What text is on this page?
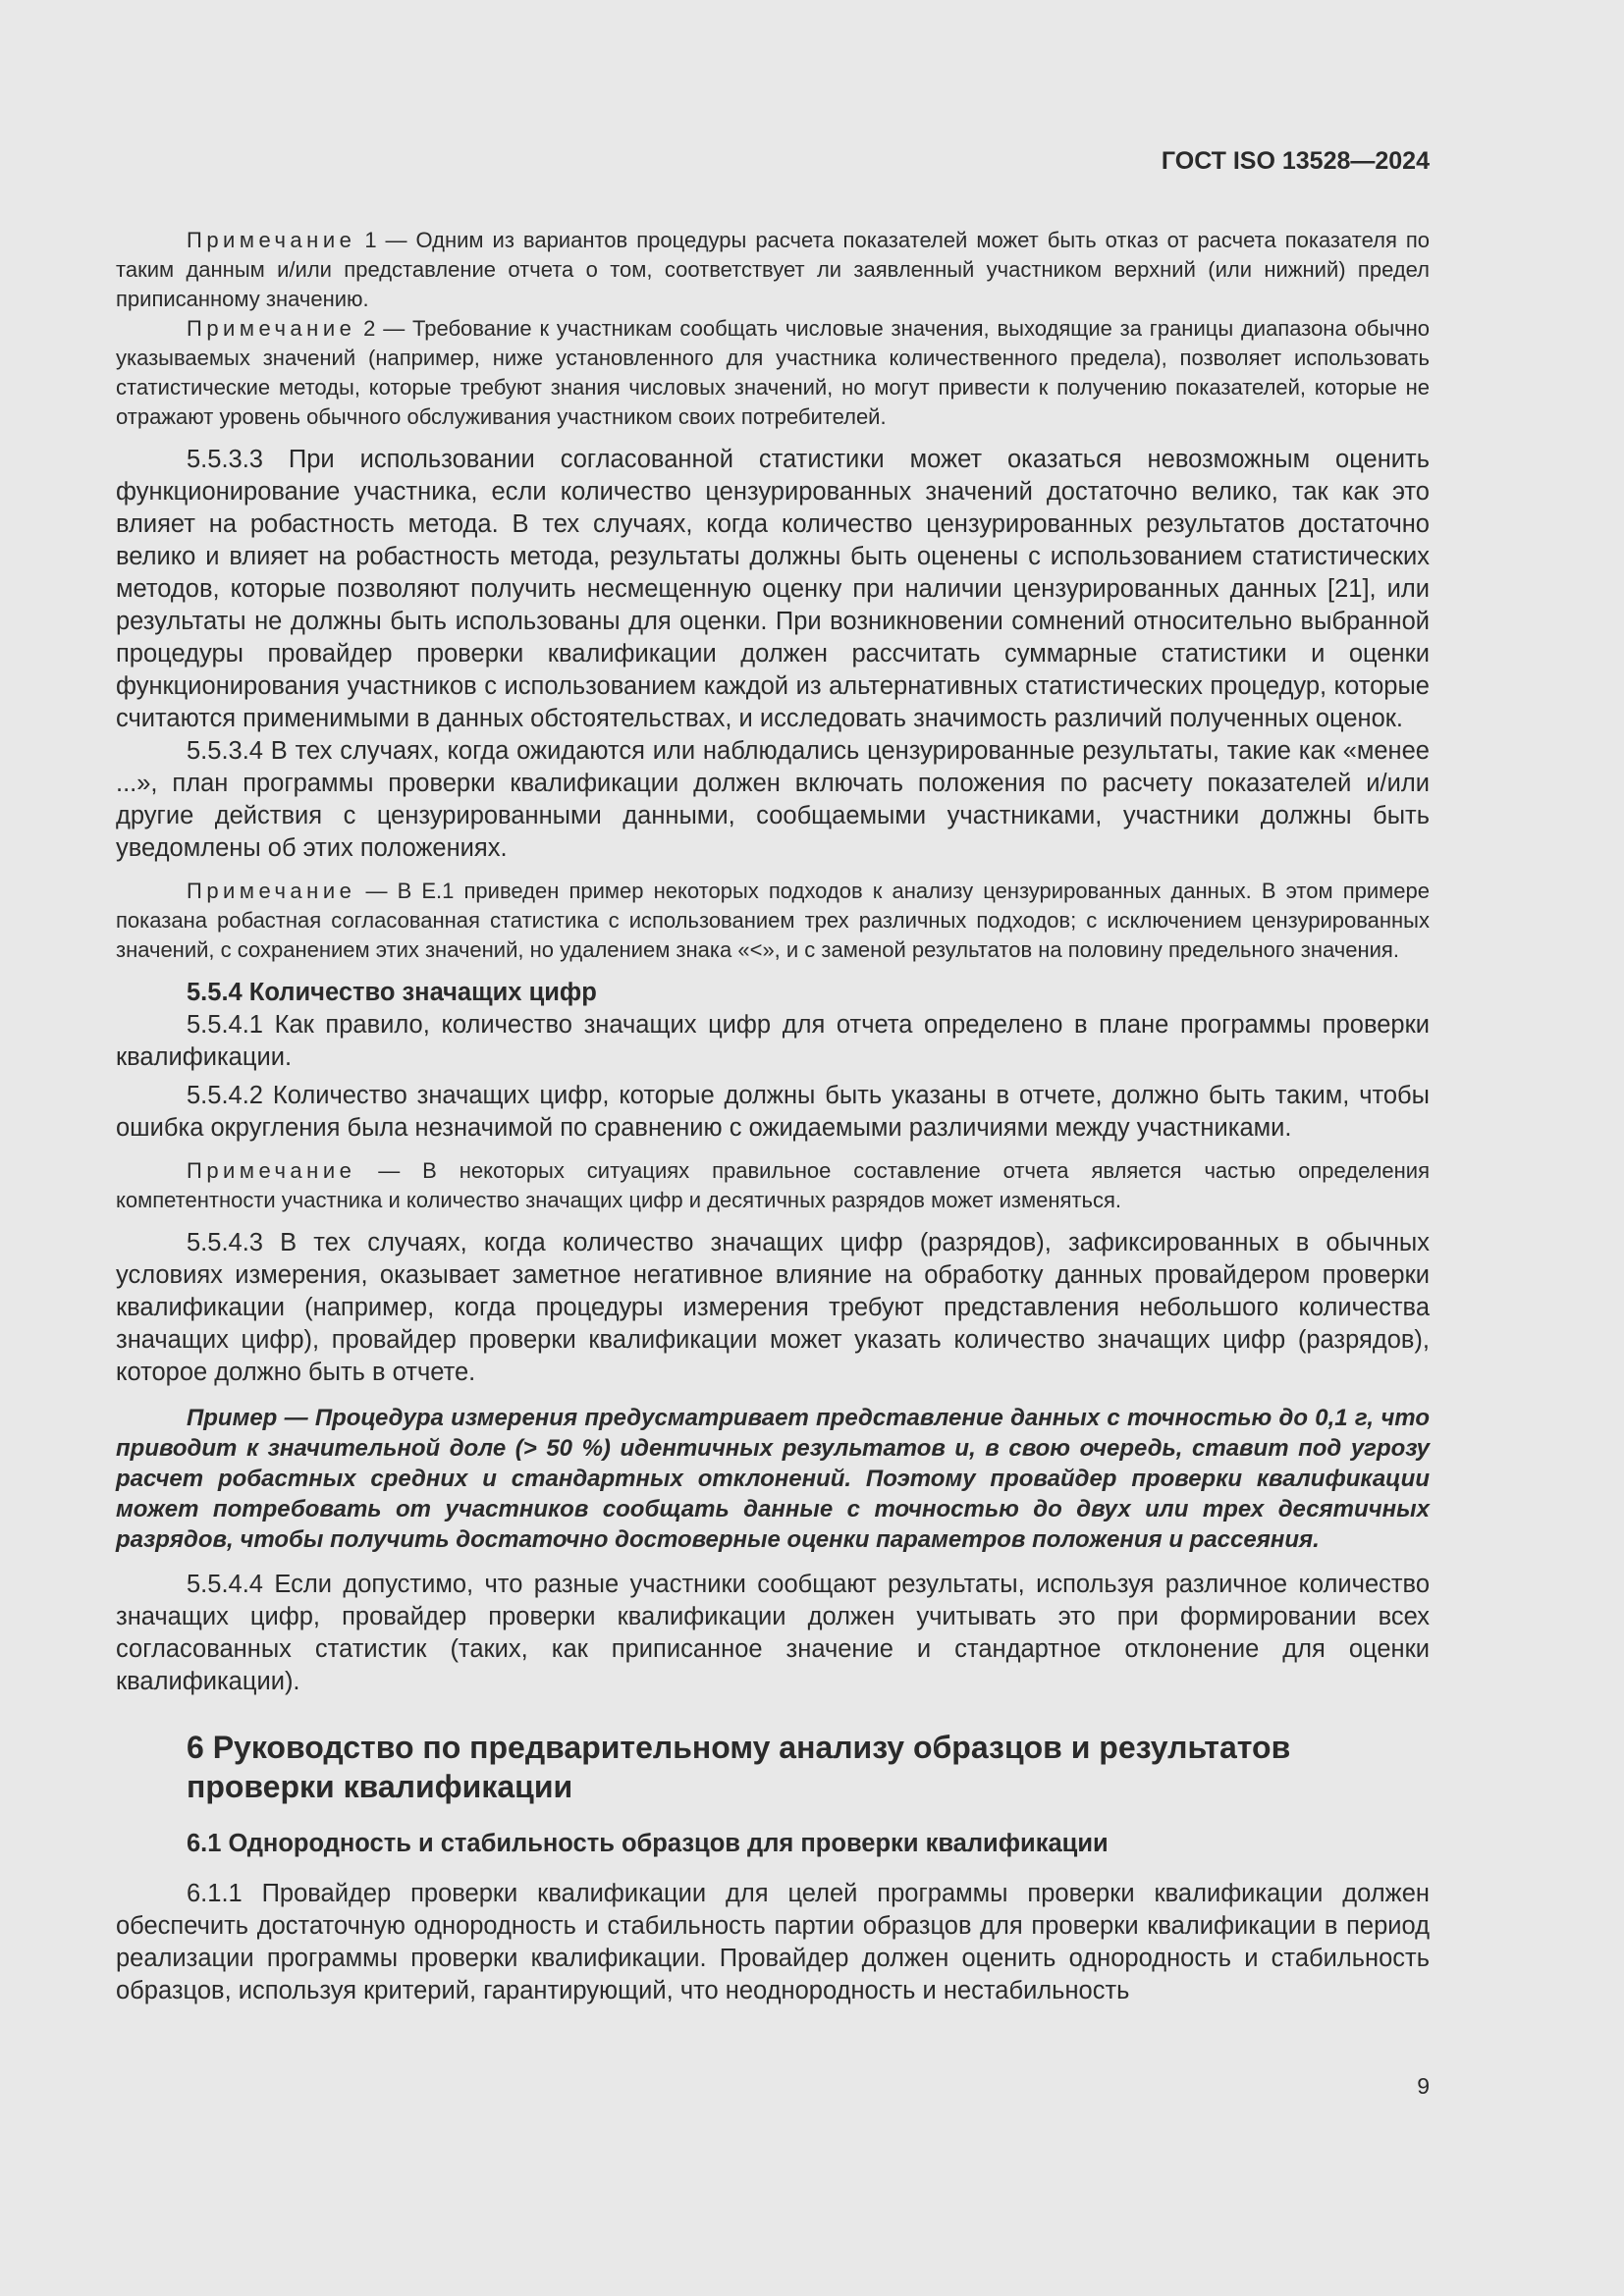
ГОСТ ISO 13528—2024

Примечание 1 — Одним из вариантов процедуры расчета показателей может быть отказ от расчета показателя по таким данным и/или представление отчета о том, соответствует ли заявленный участником верхний (или нижний) предел приписанному значению.

Примечание 2 — Требование к участникам сообщать числовые значения, выходящие за границы диапазона обычно указываемых значений (например, ниже установленного для участника количественного предела), позволяет использовать статистические методы, которые требуют знания числовых значений, но могут привести к получению показателей, которые не отражают уровень обычного обслуживания участником своих потребителей.

5.5.3.3 При использовании согласованной статистики может оказаться невозможным оценить функционирование участника, если количество цензурированных значений достаточно велико, так как это влияет на робастность метода. В тех случаях, когда количество цензурированных результатов достаточно велико и влияет на робастность метода, результаты должны быть оценены с использованием статистических методов, которые позволяют получить несмещенную оценку при наличии цензурированных данных [21], или результаты не должны быть использованы для оценки. При возникновении сомнений относительно выбранной процедуры провайдер проверки квалификации должен рассчитать суммарные статистики и оценки функционирования участников с использованием каждой из альтернативных статистических процедур, которые считаются применимыми в данных обстоятельствах, и исследовать значимость различий полученных оценок.

5.5.3.4 В тех случаях, когда ожидаются или наблюдались цензурированные результаты, такие как «менее ...», план программы проверки квалификации должен включать положения по расчету показателей и/или другие действия с цензурированными данными, сообщаемыми участниками, участники должны быть уведомлены об этих положениях.

Примечание — В Е.1 приведен пример некоторых подходов к анализу цензурированных данных. В этом примере показана робастная согласованная статистика с использованием трех различных подходов; с исключением цензурированных значений, с сохранением этих значений, но удалением знака «<», и с заменой результатов на половину предельного значения.

5.5.4 Количество значащих цифр

5.5.4.1 Как правило, количество значащих цифр для отчета определено в плане программы проверки квалификации.

5.5.4.2 Количество значащих цифр, которые должны быть указаны в отчете, должно быть таким, чтобы ошибка округления была незначимой по сравнению с ожидаемыми различиями между участниками.

Примечание — В некоторых ситуациях правильное составление отчета является частью определения компетентности участника и количество значащих цифр и десятичных разрядов может изменяться.

5.5.4.3 В тех случаях, когда количество значащих цифр (разрядов), зафиксированных в обычных условиях измерения, оказывает заметное негативное влияние на обработку данных провайдером проверки квалификации (например, когда процедуры измерения требуют представления небольшого количества значащих цифр), провайдер проверки квалификации может указать количество значащих цифр (разрядов), которое должно быть в отчете.

Пример — Процедура измерения предусматривает представление данных с точностью до 0,1 г, что приводит к значительной доле (> 50 %) идентичных результатов и, в свою очередь, ставит под угрозу расчет робастных средних и стандартных отклонений. Поэтому провайдер проверки квалификации может потребовать от участников сообщать данные с точностью до двух или трех десятичных разрядов, чтобы получить достаточно достоверные оценки параметров положения и рассеяния.

5.5.4.4 Если допустимо, что разные участники сообщают результаты, используя различное количество значащих цифр, провайдер проверки квалификации должен учитывать это при формировании всех согласованных статистик (таких, как приписанное значение и стандартное отклонение для оценки квалификации).

6 Руководство по предварительному анализу образцов и результатов проверки квалификации
6.1 Однородность и стабильность образцов для проверки квалификации

6.1.1 Провайдер проверки квалификации для целей программы проверки квалификации должен обеспечить достаточную однородность и стабильность партии образцов для проверки квалификации в период реализации программы проверки квалификации. Провайдер должен оценить однородность и стабильность образцов, используя критерий, гарантирующий, что неоднородность и нестабильность

9
